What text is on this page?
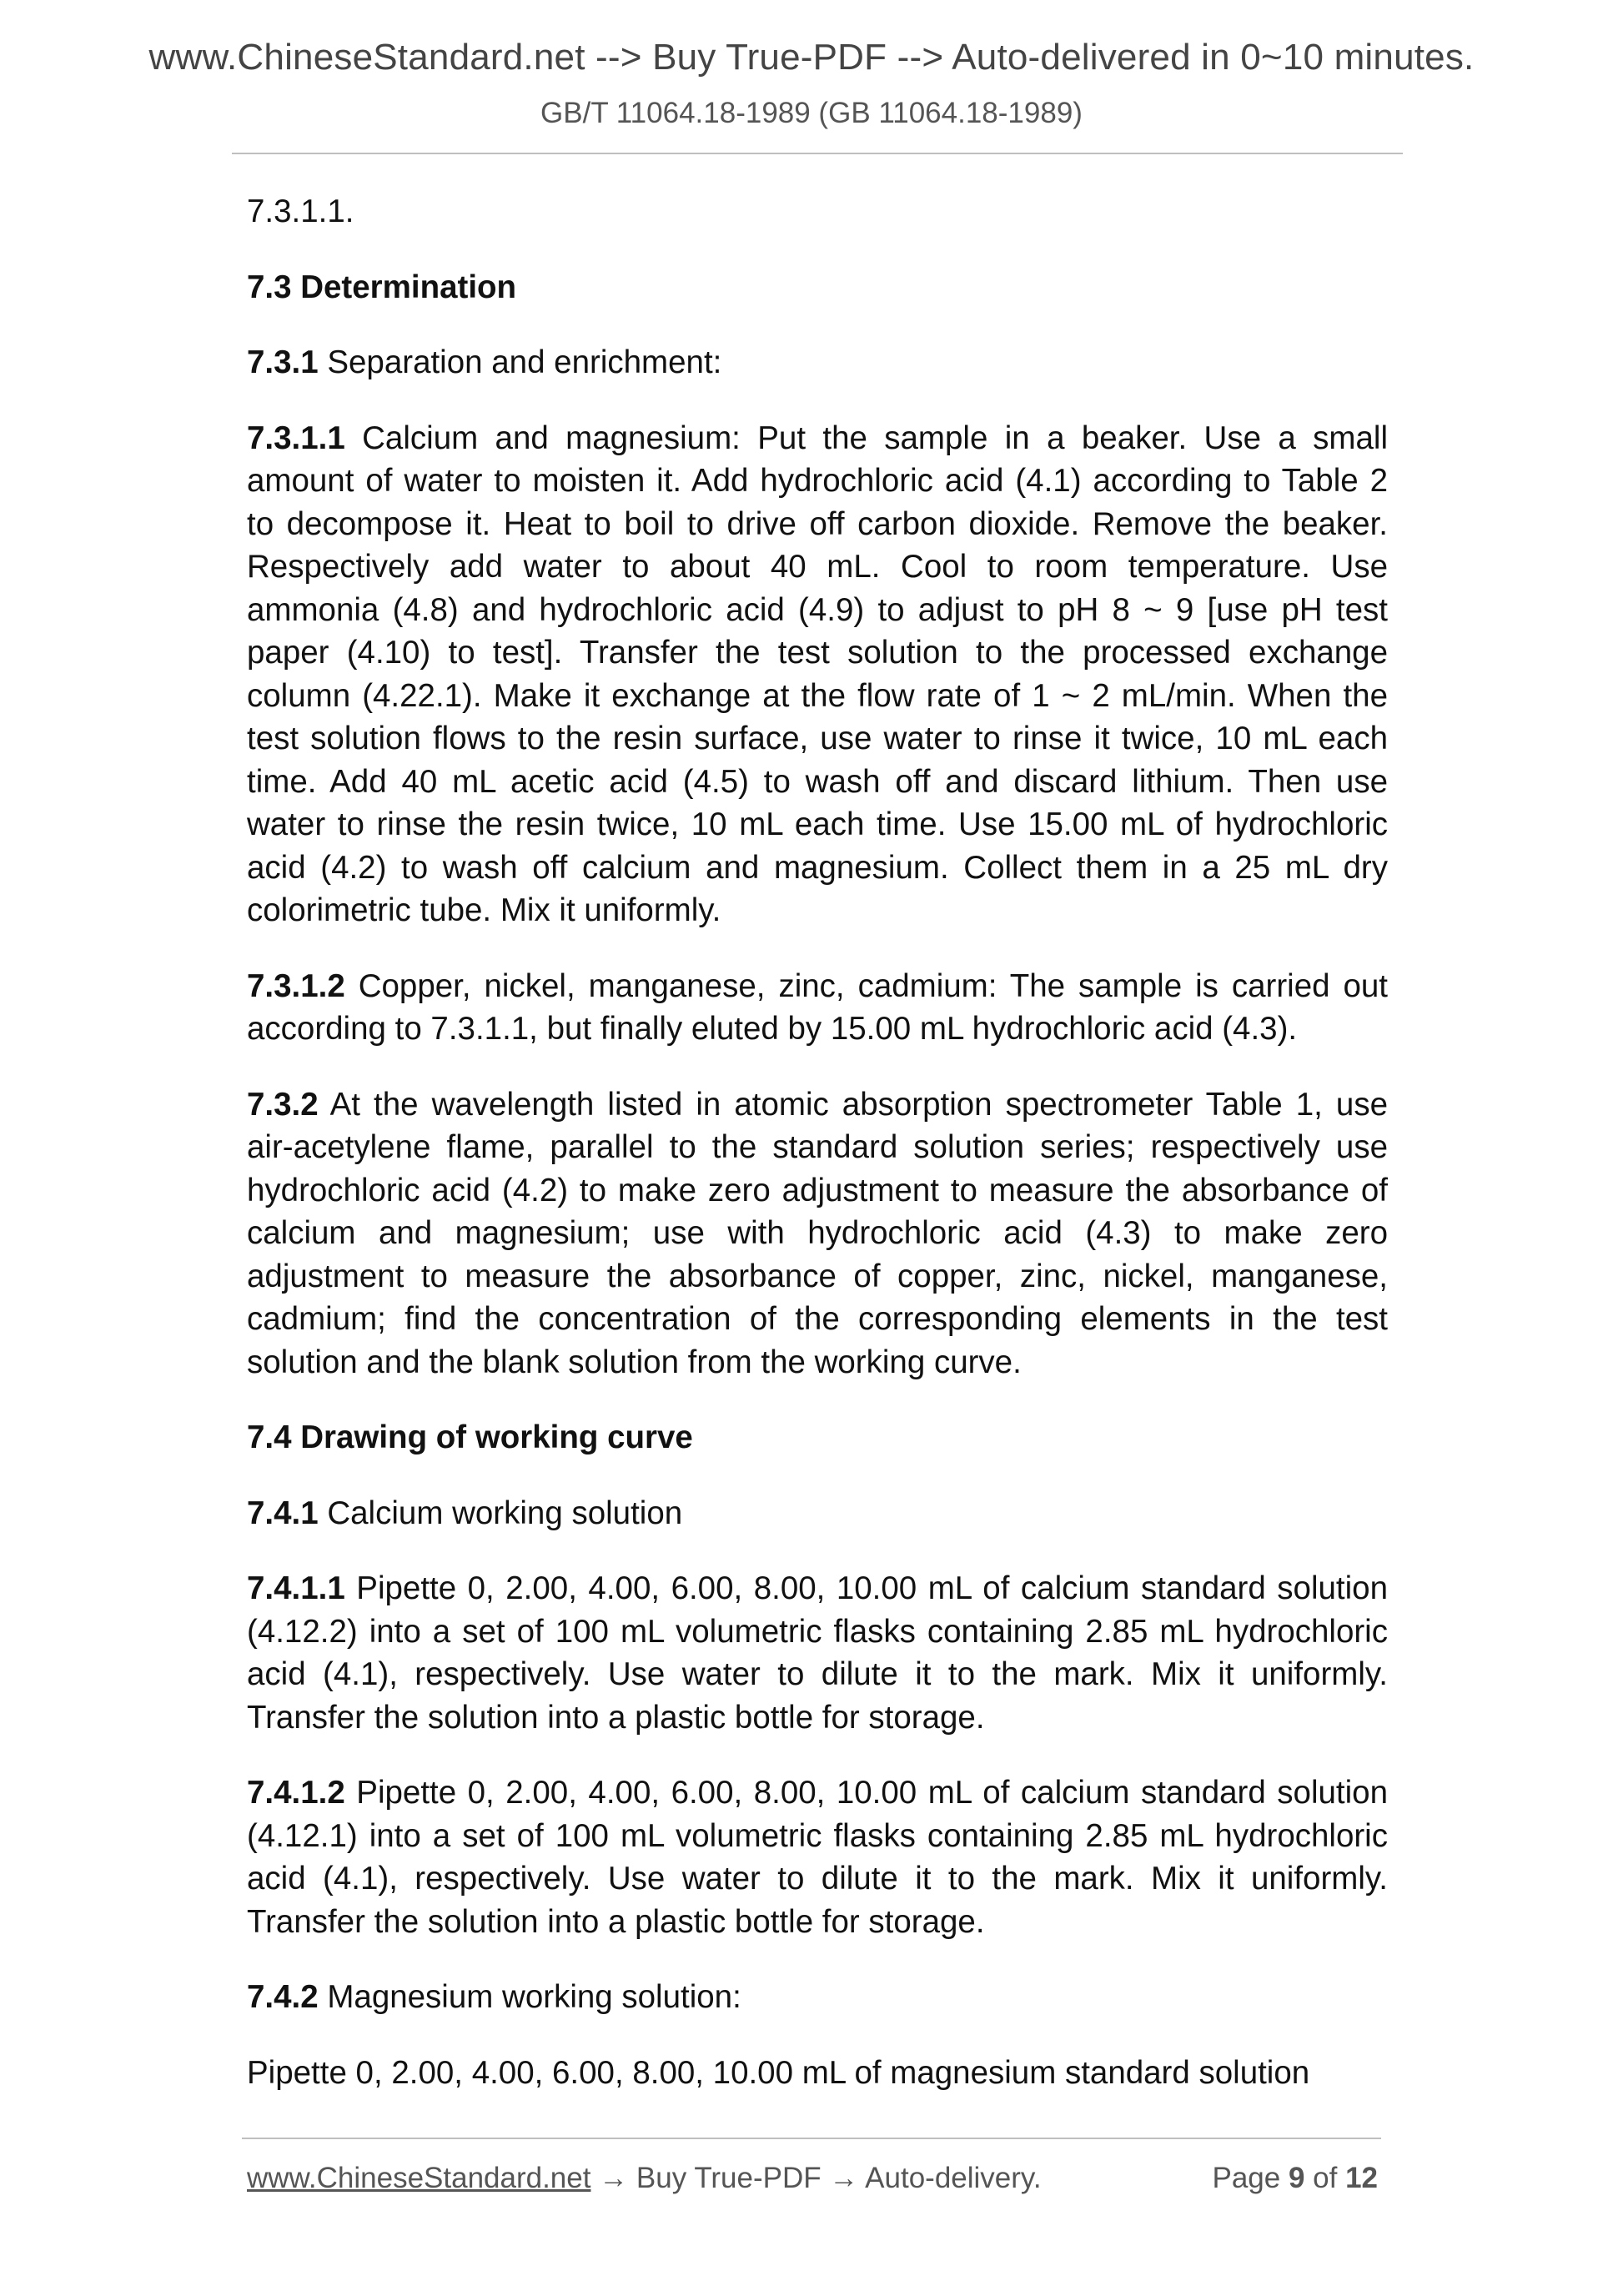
www.ChineseStandard.net --> Buy True-PDF --> Auto-delivered in 0~10 minutes.
GB/T 11064.18-1989 (GB 11064.18-1989)

7.3.1.1.

7.3 Determination

7.3.1 Separation and enrichment:

7.3.1.1 Calcium and magnesium: Put the sample in a beaker. Use a small amount of water to moisten it. Add hydrochloric acid (4.1) according to Table 2 to decompose it. Heat to boil to drive off carbon dioxide. Remove the beaker. Respectively add water to about 40 mL. Cool to room temperature. Use ammonia (4.8) and hydrochloric acid (4.9) to adjust to pH 8 ~ 9 [use pH test paper (4.10) to test]. Transfer the test solution to the processed exchange column (4.22.1). Make it exchange at the flow rate of 1 ~ 2 mL/min. When the test solution flows to the resin surface, use water to rinse it twice, 10 mL each time. Add 40 mL acetic acid (4.5) to wash off and discard lithium. Then use water to rinse the resin twice, 10 mL each time. Use 15.00 mL of hydrochloric acid (4.2) to wash off calcium and magnesium. Collect them in a 25 mL dry colorimetric tube. Mix it uniformly.

7.3.1.2 Copper, nickel, manganese, zinc, cadmium: The sample is carried out according to 7.3.1.1, but finally eluted by 15.00 mL hydrochloric acid (4.3).

7.3.2 At the wavelength listed in atomic absorption spectrometer Table 1, use air-acetylene flame, parallel to the standard solution series; respectively use hydrochloric acid (4.2) to make zero adjustment to measure the absorbance of calcium and magnesium; use with hydrochloric acid (4.3) to make zero adjustment to measure the absorbance of copper, zinc, nickel, manganese, cadmium; find the concentration of the corresponding elements in the test solution and the blank solution from the working curve.

7.4 Drawing of working curve

7.4.1 Calcium working solution

7.4.1.1 Pipette 0, 2.00, 4.00, 6.00, 8.00, 10.00 mL of calcium standard solution (4.12.2) into a set of 100 mL volumetric flasks containing 2.85 mL hydrochloric acid (4.1), respectively. Use water to dilute it to the mark. Mix it uniformly. Transfer the solution into a plastic bottle for storage.

7.4.1.2 Pipette 0, 2.00, 4.00, 6.00, 8.00, 10.00 mL of calcium standard solution (4.12.1) into a set of 100 mL volumetric flasks containing 2.85 mL hydrochloric acid (4.1), respectively. Use water to dilute it to the mark. Mix it uniformly. Transfer the solution into a plastic bottle for storage.

7.4.2 Magnesium working solution:

Pipette 0, 2.00, 4.00, 6.00, 8.00, 10.00 mL of magnesium standard solution

www.ChineseStandard.net → Buy True-PDF → Auto-delivery.	Page 9 of 12
